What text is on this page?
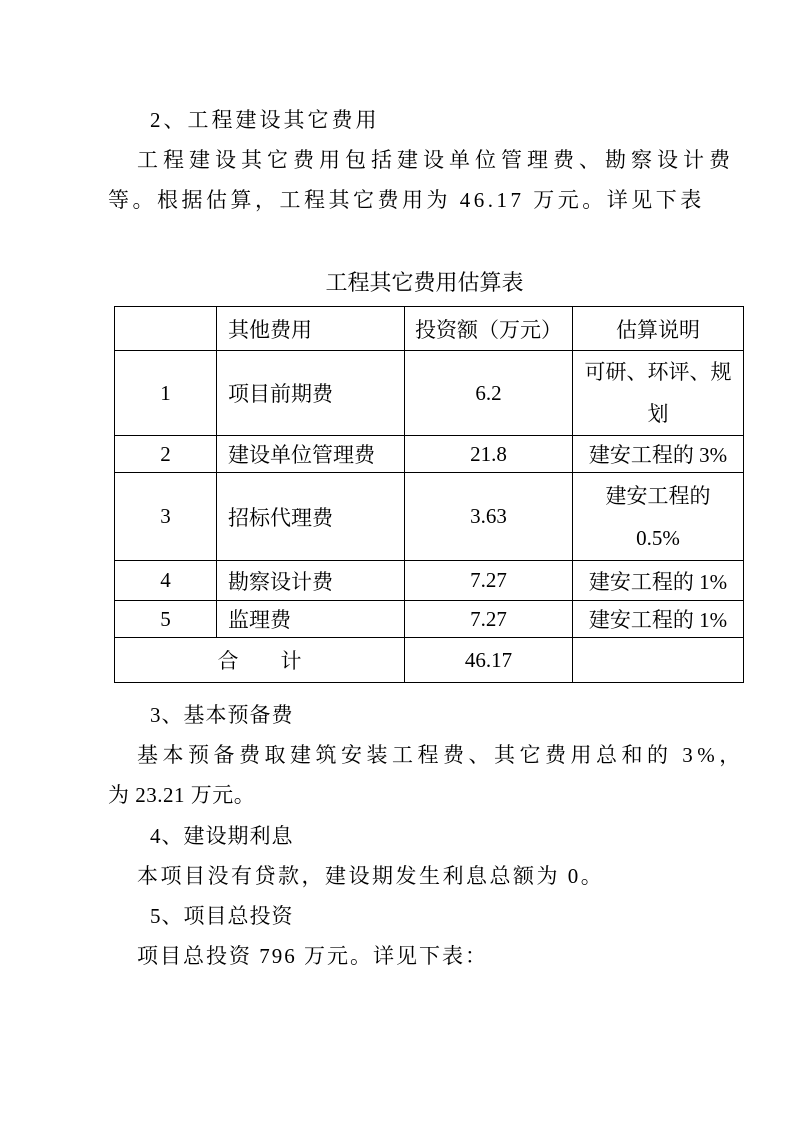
2、工程建设其它费用
工程建设其它费用包括建设单位管理费、勘察设计费
等。根据估算，工程其它费用为 46.17 万元。详见下表
工程其它费用估算表
	其他费用	投资额（万元）	估算说明
1	项目前期费	6.2	可研、环评、规
划

2	建设单位管理费	21.8	建安工程的 3%
3	招标代理费	3.63	建安工程的
0.5%

4	勘察设计费	7.27	建安工程的 1%
5	监理费	7.27	建安工程的 1%
合　　计		46.17	
3、基本预备费
基本预备费取建筑安装工程费、其它费用总和的 3%，
为 23.21 万元。
4、建设期利息
本项目没有贷款，建设期发生利息总额为 0。
5、项目总投资
项目总投资 796 万元。详见下表：
